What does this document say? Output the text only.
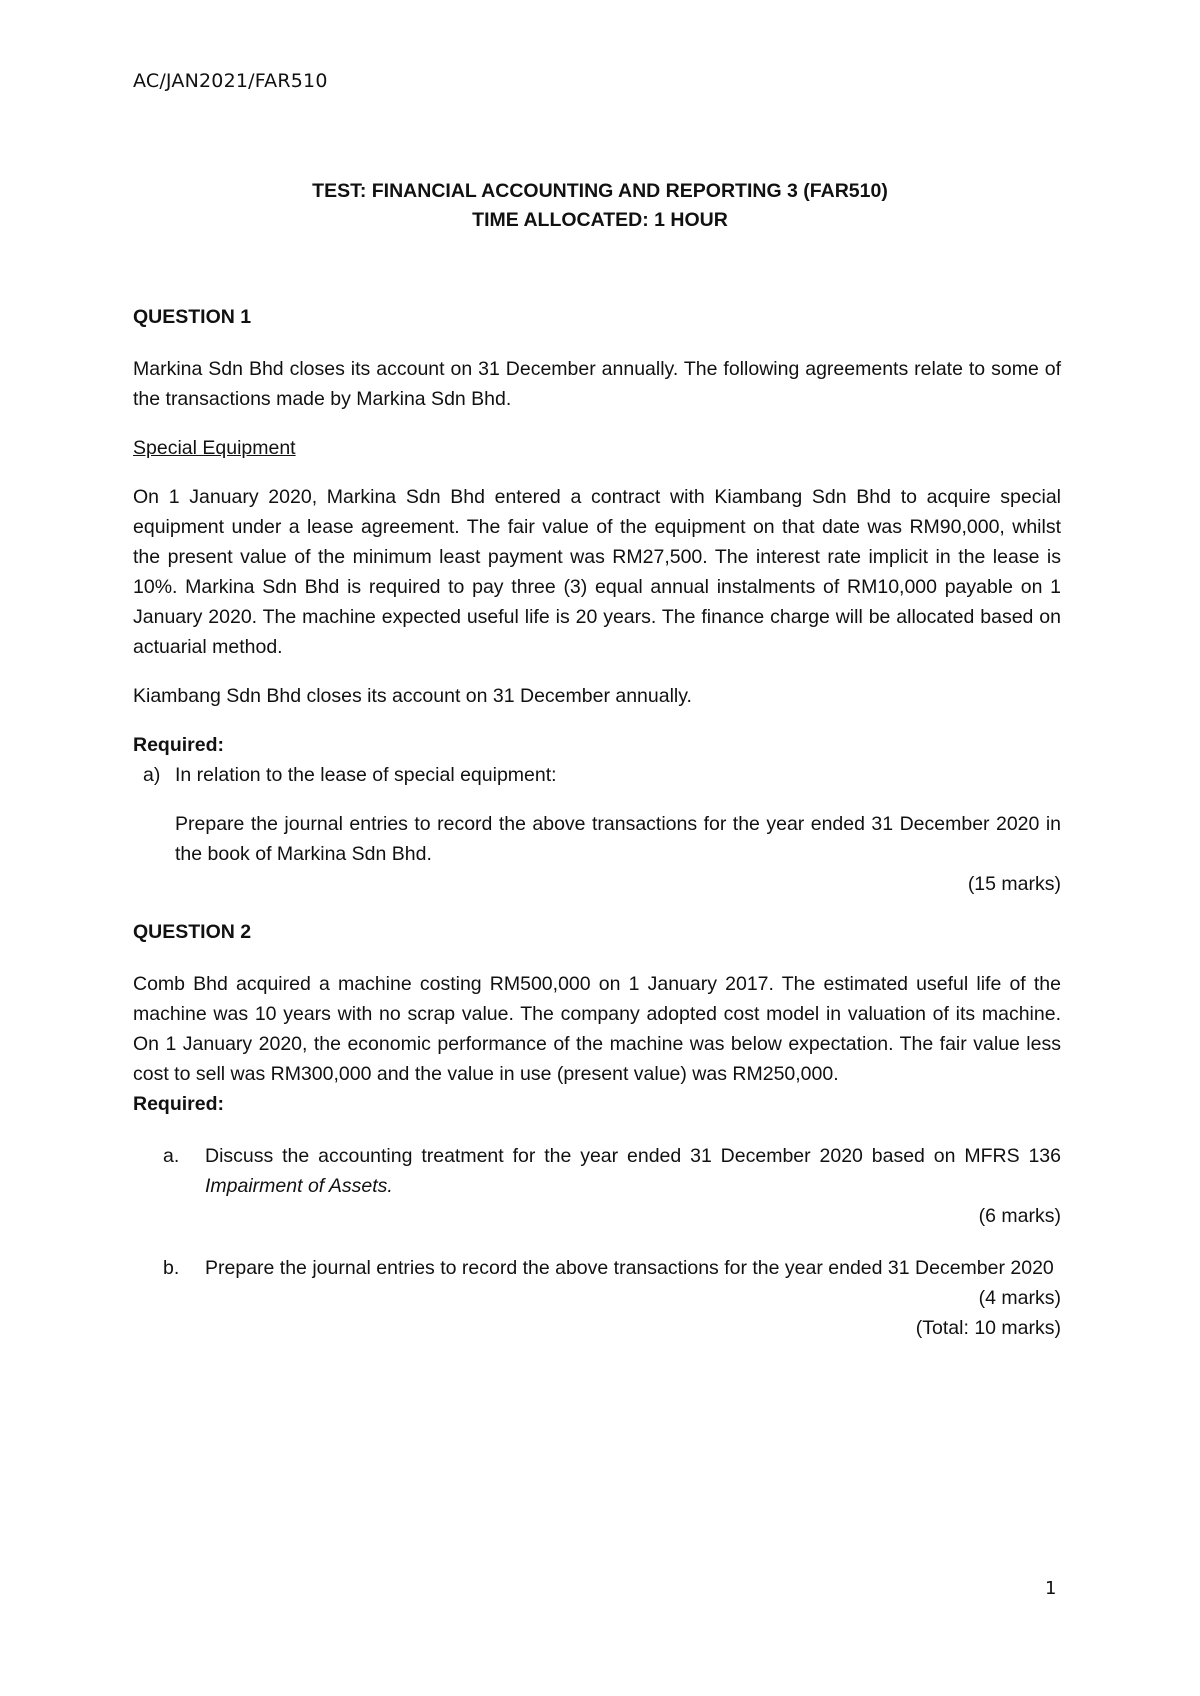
AC/JAN2021/FAR510
TEST: FINANCIAL ACCOUNTING AND REPORTING 3 (FAR510)
TIME ALLOCATED: 1 HOUR

QUESTION 1

Markina Sdn Bhd closes its account on 31 December annually. The following agreements relate to some of the transactions made by Markina Sdn Bhd.

Special Equipment

On 1 January 2020, Markina Sdn Bhd entered a contract with Kiambang Sdn Bhd to acquire special equipment under a lease agreement. The fair value of the equipment on that date was RM90,000, whilst the present value of the minimum least payment was RM27,500. The interest rate implicit in the lease is 10%. Markina Sdn Bhd is required to pay three (3) equal annual instalments of RM10,000 payable on 1 January 2020. The machine expected useful life is 20 years. The finance charge will be allocated based on actuarial method.

Kiambang Sdn Bhd closes its account on 31 December annually.

Required:

a) In relation to the lease of special equipment:

Prepare the journal entries to record the above transactions for the year ended 31 December 2020 in the book of Markina Sdn Bhd.

(15 marks)

QUESTION 2

Comb Bhd acquired a machine costing RM500,000 on 1 January 2017. The estimated useful life of the machine was 10 years with no scrap value. The company adopted cost model in valuation of its machine. On 1 January 2020, the economic performance of the machine was below expectation. The fair value less cost to sell was RM300,000 and the value in use (present value) was RM250,000.

Required:

a.	Discuss the accounting treatment for the year ended 31 December 2020 based on MFRS 136 Impairment of Assets.

(6 marks)

b.	Prepare the journal entries to record the above transactions for the year ended 31 December 2020

(4 marks)

(Total: 10 marks)

1
